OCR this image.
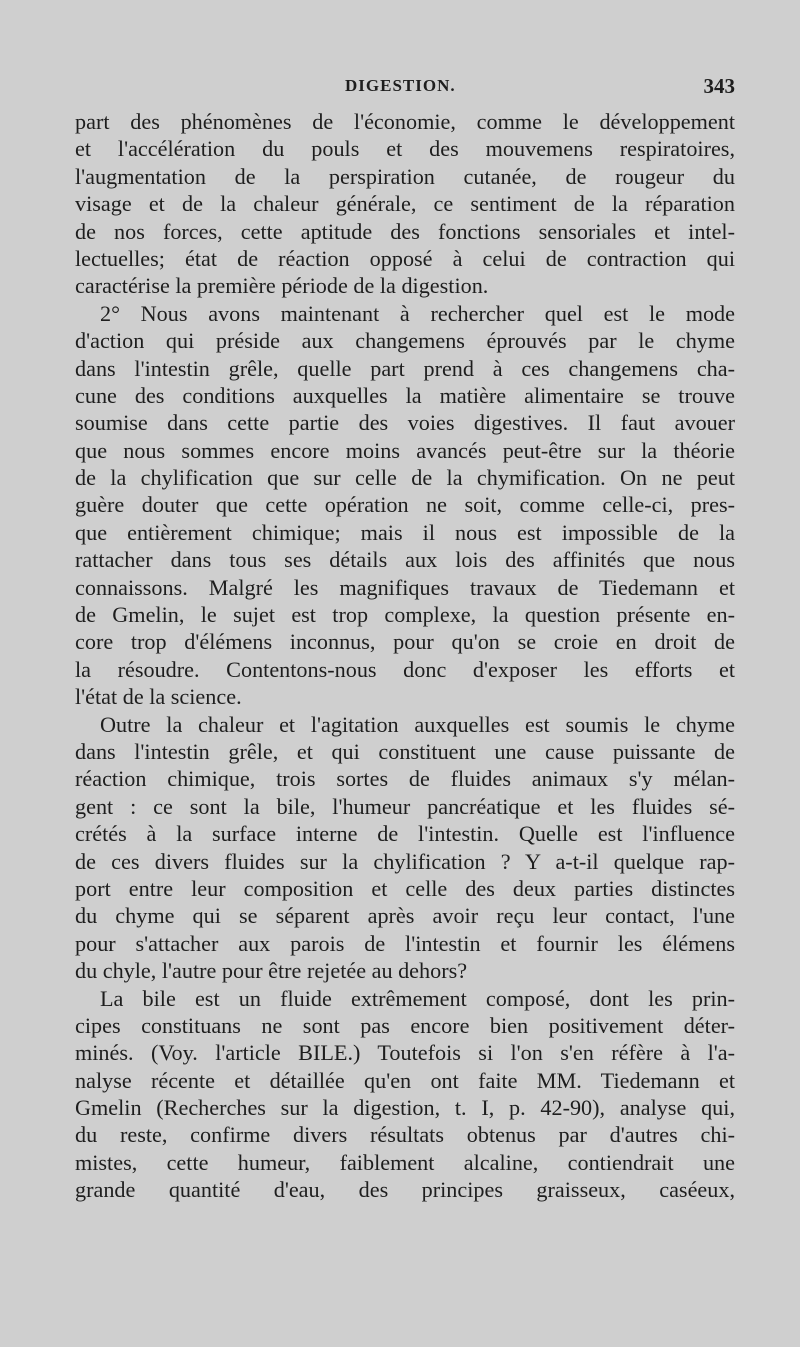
DIGESTION.	343
part des phénomènes de l'économie, comme le développement
et l'accélération du pouls et des mouvemens respiratoires,
l'augmentation de la perspiration cutanée, de rougeur du
visage et de la chaleur générale, ce sentiment de la réparation
de nos forces, cette aptitude des fonctions sensoriales et intel-
lectuelles; état de réaction opposé à celui de contraction qui
caractérise la première période de la digestion.
2° Nous avons maintenant à rechercher quel est le mode
d'action qui préside aux changemens éprouvés par le chyme
dans l'intestin grêle, quelle part prend à ces changemens cha-
cune des conditions auxquelles la matière alimentaire se trouve
soumise dans cette partie des voies digestives. Il faut avouer
que nous sommes encore moins avancés peut-être sur la théorie
de la chylification que sur celle de la chymification. On ne peut
guère douter que cette opération ne soit, comme celle-ci, pres-
que entièrement chimique; mais il nous est impossible de la
rattacher dans tous ses détails aux lois des affinités que nous
connaissons. Malgré les magnifiques travaux de Tiedemann et
de Gmelin, le sujet est trop complexe, la question présente en-
core trop d'élémens inconnus, pour qu'on se croie en droit de
la résoudre. Contentons-nous donc d'exposer les efforts et
l'état de la science.
Outre la chaleur et l'agitation auxquelles est soumis le chyme
dans l'intestin grêle, et qui constituent une cause puissante de
réaction chimique, trois sortes de fluides animaux s'y mélan-
gent : ce sont la bile, l'humeur pancréatique et les fluides sé-
crétés à la surface interne de l'intestin. Quelle est l'influence
de ces divers fluides sur la chylification ? Y a-t-il quelque rap-
port entre leur composition et celle des deux parties distinctes
du chyme qui se séparent après avoir reçu leur contact, l'une
pour s'attacher aux parois de l'intestin et fournir les élémens
du chyle, l'autre pour être rejetée au dehors?
La bile est un fluide extrêmement composé, dont les prin-
cipes constituans ne sont pas encore bien positivement déter-
minés. (Voy. l'article BILE.) Toutefois si l'on s'en réfère à l'a-
nalyse récente et détaillée qu'en ont faite MM. Tiedemann et
Gmelin (Recherches sur la digestion, t. I, p. 42-90), analyse qui,
du reste, confirme divers résultats obtenus par d'autres chi-
mistes, cette humeur, faiblement alcaline, contiendrait une
grande quantité d'eau, des principes graisseux, caséeux,
